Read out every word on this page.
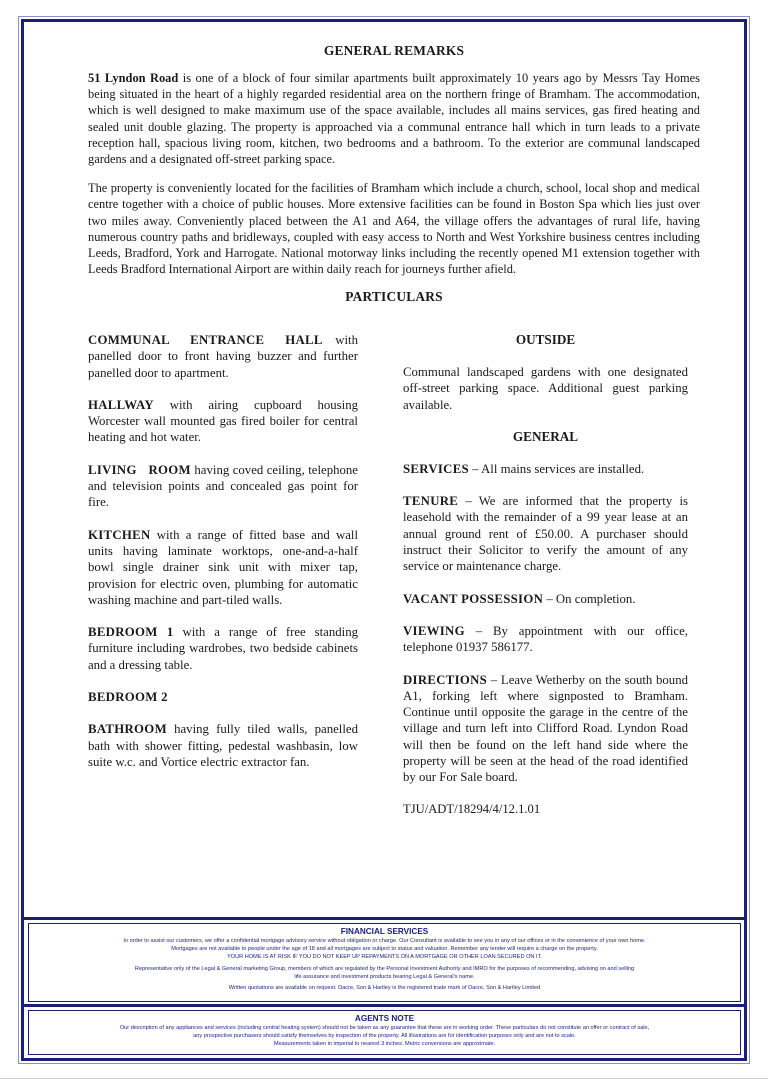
GENERAL REMARKS

51 Lyndon Road is one of a block of four similar apartments built approximately 10 years ago by Messrs Tay Homes being situated in the heart of a highly regarded residential area on the northern fringe of Bramham. The accommodation, which is well designed to make maximum use of the space available, includes all mains services, gas fired heating and sealed unit double glazing. The property is approached via a communal entrance hall which in turn leads to a private reception hall, spacious living room, kitchen, two bedrooms and a bathroom. To the exterior are communal landscaped gardens and a designated off-street parking space.

The property is conveniently located for the facilities of Bramham which include a church, school, local shop and medical centre together with a choice of public houses. More extensive facilities can be found in Boston Spa which lies just over two miles away. Conveniently placed between the A1 and A64, the village offers the advantages of rural life, having numerous country paths and bridleways, coupled with easy access to North and West Yorkshire business centres including Leeds, Bradford, York and Harrogate. National motorway links including the recently opened M1 extension together with Leeds Bradford International Airport are within daily reach for journeys further afield.

PARTICULARS

COMMUNAL ENTRANCE HALL with panelled door to front having buzzer and further panelled door to apartment.

HALLWAY with airing cupboard housing Worcester wall mounted gas fired boiler for central heating and hot water.

LIVING ROOM having coved ceiling, telephone and television points and concealed gas point for fire.

KITCHEN with a range of fitted base and wall units having laminate worktops, one-and-a-half bowl single drainer sink unit with mixer tap, provision for electric oven, plumbing for automatic washing machine and part-tiled walls.

BEDROOM 1 with a range of free standing furniture including wardrobes, two bedside cabinets and a dressing table.

BEDROOM 2

BATHROOM having fully tiled walls, panelled bath with shower fitting, pedestal washbasin, low suite w.c. and Vortice electric extractor fan.

OUTSIDE

Communal landscaped gardens with one designated off-street parking space. Additional guest parking available.

GENERAL

SERVICES – All mains services are installed.

TENURE – We are informed that the property is leasehold with the remainder of a 99 year lease at an annual ground rent of £50.00. A purchaser should instruct their Solicitor to verify the amount of any service or maintenance charge.

VACANT POSSESSION – On completion.

VIEWING – By appointment with our office, telephone 01937 586177.

DIRECTIONS – Leave Wetherby on the south bound A1, forking left where signposted to Bramham. Continue until opposite the garage in the centre of the village and turn left into Clifford Road. Lyndon Road will then be found on the left hand side where the property will be seen at the head of the road identified by our For Sale board.

TJU/ADT/18294/4/12.1.01

FINANCIAL SERVICES
In order to assist our customers, we offer a confidential mortgage advisory service without obligation or charge. Our Consultant is available to see you in any of our offices or in the convenience of your own home.
Mortgages are not available to people under the age of 18 and all mortgages are subject to status and valuation. Remember any lender will require a charge on the property.
YOUR HOME IS AT RISK IF YOU DO NOT KEEP UP REPAYMENTS ON A MORTGAGE OR OTHER LOAN SECURED ON IT.
Representative only of the Legal & General marketing Group, members of which are regulated by the Personal Investment Authority and IMRO for the purposes of recommending, advising on and selling
life assurance and investment products bearing Legal & General's name.
Written quotations are available on request. Dacre, Son & Hartley is the registered trade mark of Dacre, Son & Hartley Limited
AGENTS NOTE
Our description of any appliances and services (including central heating system) should not be taken as any guarantee that these are in working order. These particulars do not constitute an offer or contract of sale,
any prospective purchasers should satisfy themselves by inspection of the property. All illustrations are for identification purposes only and are not to scale.
Measurements taken in imperial to nearest 3 inches. Metric conversions are approximate.
